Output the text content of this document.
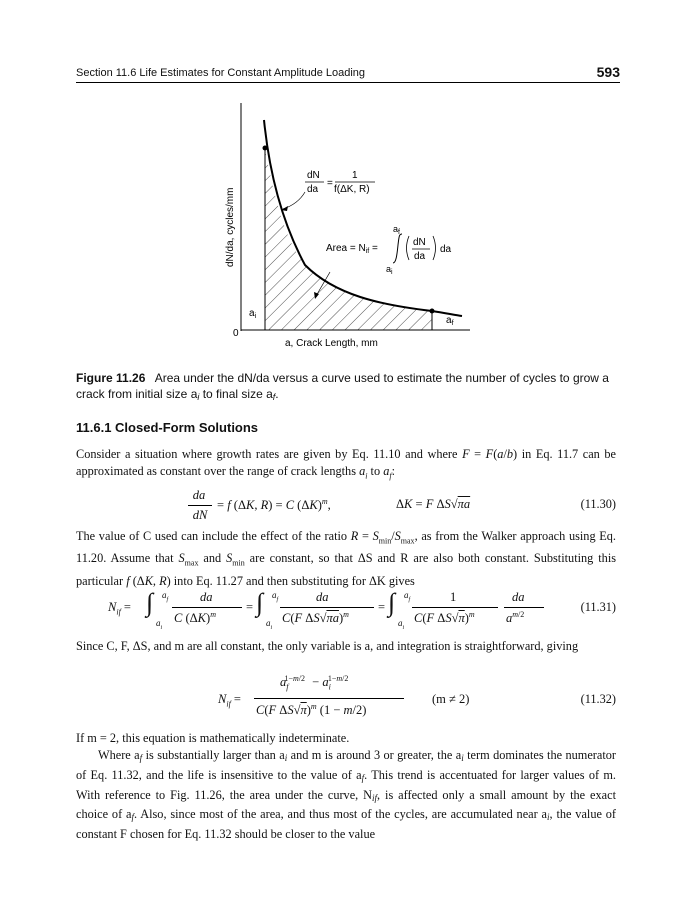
Section 11.6 Life Estimates for Constant Amplitude Loading	593
dN/da, cycles/mm
a, Crack Length, mm
0
$a_i$	$a_f$
dN
da
=
1
f(ΔK, R)
Area = $N_{if}$ =
$a_f$
$a_i$
dN
da
da
Figure 11.26 Area under the dN/da versus a curve used to estimate the number of cycles to grow a crack from initial size ai to final size af.
11.6.1 Closed-Form Solutions
Consider a situation where growth rates are given by Eq. 11.10 and where F = F(a/b) in Eq. 11.7 can be approximated as constant over the range of crack lengths $a_i$ to $a_f$:
da
dN
= f (ΔK, R) = C $(\Delta K)^m$,	ΔK = F ΔS√πa	(11.30)
The value of C used can include the effect of the ratio $R = S_{min}/S_{max}$, as from the Walker approach using Eq. 11.20. Assume that $S_{max}$ and $S_{min}$ are constant, so that ΔS and R are also both constant. Substituting this particular f (ΔK, R) into Eq. 11.27 and then substituting for ΔK gives
$N_{if}$ = ∫ $a_f$
$a_i$
da
C $(\Delta K)^m$
= ∫ $a_f$
$a_i$
da
C(F ΔS√πa)$^m$
= ∫ $a_f$
$a_i$
1
C(F ΔS√π)$^m$
da
$a^{m/2}$
(11.31)
Since C, F, ΔS, and m are all constant, the only variable is a, and integration is straightforward, giving
$N_{if}$ =
$a_f^{1-m/2} - a_i^{1-m/2}$
C(F ΔS√π)$^m$ (1 − m/2)
(m ≠ 2)	(11.32)
If m = 2, this equation is mathematically indeterminate.
Where af is substantially larger than ai and m is around 3 or greater, the ai term dominates the numerator of Eq. 11.32, and the life is insensitive to the value of af. This trend is accentuated for larger values of m. With reference to Fig. 11.26, the area under the curve, Nif, is affected only a small amount by the exact choice of af. Also, since most of the area, and thus most of the cycles, are accumulated near ai, the value of constant F chosen for Eq. 11.32 should be closer to the value
